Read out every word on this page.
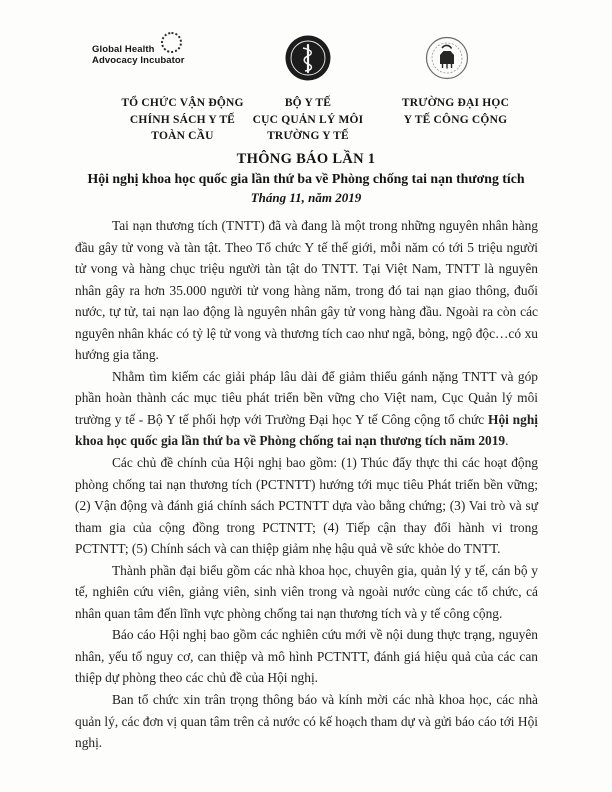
Global Health
Advocacy Incubator
TỔ CHỨC VẬN ĐỘNG
CHÍNH SÁCH Y TẾ
TOÀN CẦU
BỘ Y TẾ
CỤC QUẢN LÝ MÔI
TRƯỜNG Y TẾ
TRƯỜNG ĐẠI HỌC
Y TẾ CÔNG CỘNG
THÔNG BÁO LẦN 1
Hội nghị khoa học quốc gia lần thứ ba về Phòng chống tai nạn thương tích
Tháng 11, năm 2019

Tai nạn thương tích (TNTT) đã và đang là một trong những nguyên nhân hàng đầu gây tử vong và tàn tật. Theo Tổ chức Y tế thế giới, mỗi năm có tới 5 triệu người tử vong và hàng chục triệu người tàn tật do TNTT. Tại Việt Nam, TNTT là nguyên nhân gây ra hơn 35.000 người tử vong hàng năm, trong đó tai nạn giao thông, đuối nước, tự tử, tai nạn lao động là nguyên nhân gây tử vong hàng đầu. Ngoài ra còn các nguyên nhân khác có tỷ lệ tử vong và thương tích cao như ngã, bỏng, ngộ độc…có xu hướng gia tăng.

Nhằm tìm kiếm các giải pháp lâu dài để giảm thiểu gánh nặng TNTT và góp phần hoàn thành các mục tiêu phát triển bền vững cho Việt nam, Cục Quản lý môi trường y tế - Bộ Y tế phối hợp với Trường Đại học Y tế Công cộng tổ chức Hội nghị khoa học quốc gia lần thứ ba về Phòng chống tai nạn thương tích năm 2019.

Các chủ đề chính của Hội nghị bao gồm: (1) Thúc đẩy thực thi các hoạt động phòng chống tai nạn thương tích (PCTNTT) hướng tới mục tiêu Phát triển bền vững; (2) Vận động và đánh giá chính sách PCTNTT dựa vào bằng chứng; (3) Vai trò và sự tham gia của cộng đồng trong PCTNTT; (4) Tiếp cận thay đổi hành vi trong PCTNTT; (5) Chính sách và can thiệp giảm nhẹ hậu quả về sức khỏe do TNTT.

Thành phần đại biểu gồm các nhà khoa học, chuyên gia, quản lý y tế, cán bộ y tế, nghiên cứu viên, giảng viên, sinh viên trong và ngoài nước cùng các tổ chức, cá nhân quan tâm đến lĩnh vực phòng chống tai nạn thương tích và y tế công cộng.

Báo cáo Hội nghị bao gồm các nghiên cứu mới về nội dung thực trạng, nguyên nhân, yếu tố nguy cơ, can thiệp và mô hình PCTNTT, đánh giá hiệu quả của các can thiệp dự phòng theo các chủ đề của Hội nghị.

Ban tổ chức xin trân trọng thông báo và kính mời các nhà khoa học, các nhà quản lý, các đơn vị quan tâm trên cả nước có kế hoạch tham dự và gửi báo cáo tới Hội nghị.
